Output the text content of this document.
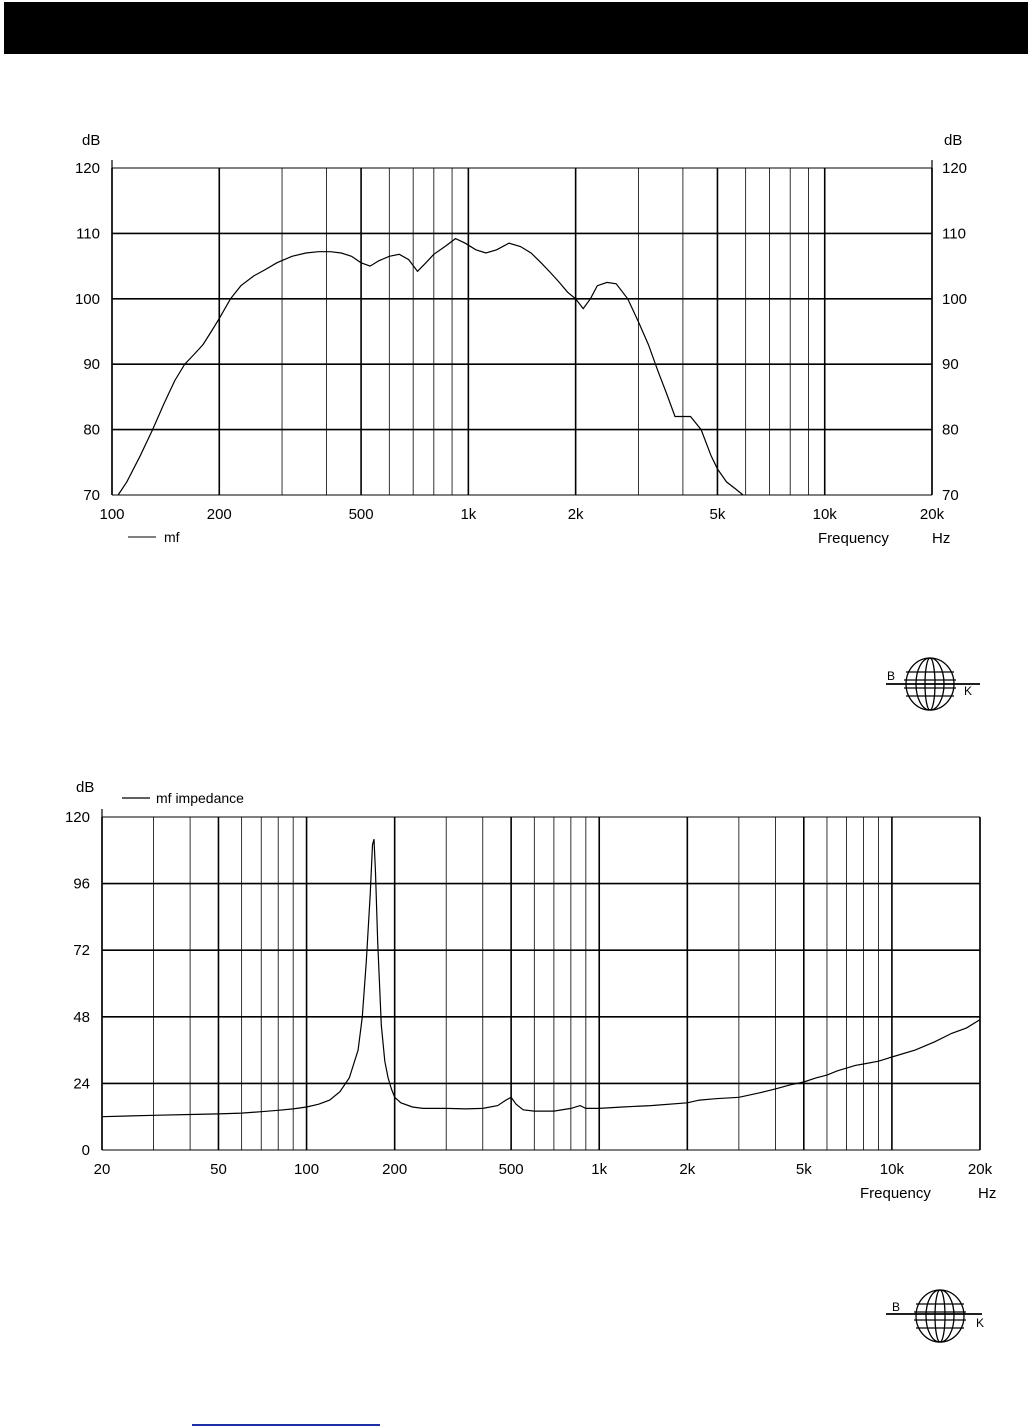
70	70
80	80
90	90
100	100
110	110
120	120
100	200	500	1k	2k	5k	10k	20k
dB	dB
Frequency	Hz
mf
B
K
0
24
48
72
96
120
20	50	100	200	500	1k	2k	5k	10k	20k
dB
Frequency	Hz
mf impedance
B
K
